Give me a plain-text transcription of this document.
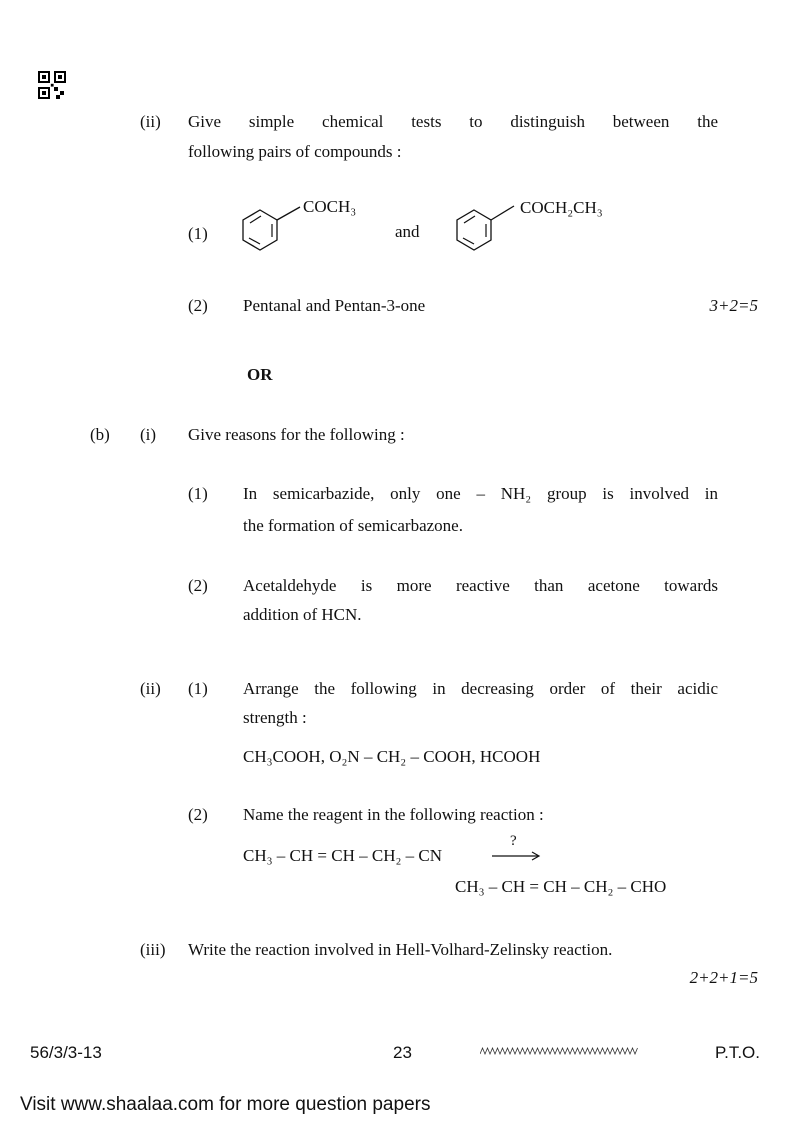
(ii) Give simple chemical tests to distinguish between the
following pairs of compounds :
(1)
COCH₃
and
COCH₂CH₃
(2) Pentanal and Pentan-3-one	3+2=5
OR
(b) (i) Give reasons for the following :
(1) In semicarbazide, only one – NH₂ group is involved in
the formation of semicarbazone.
(2) Acetaldehyde is more reactive than acetone towards
addition of HCN.
(ii) (1) Arrange the following in decreasing order of their acidic
strength :
CH₃COOH, O₂N – CH₂ – COOH, HCOOH
(2) Name the reagent in the following reaction :
CH₃ – CH = CH – CH₂ – CN
?
CH₃ – CH = CH – CH₂ – CHO
(iii) Write the reaction involved in Hell-Volhard-Zelinsky reaction.
2+2+1=5
56/3/3-13	23	P.T.O.
Visit www.shaalaa.com for more question papers
